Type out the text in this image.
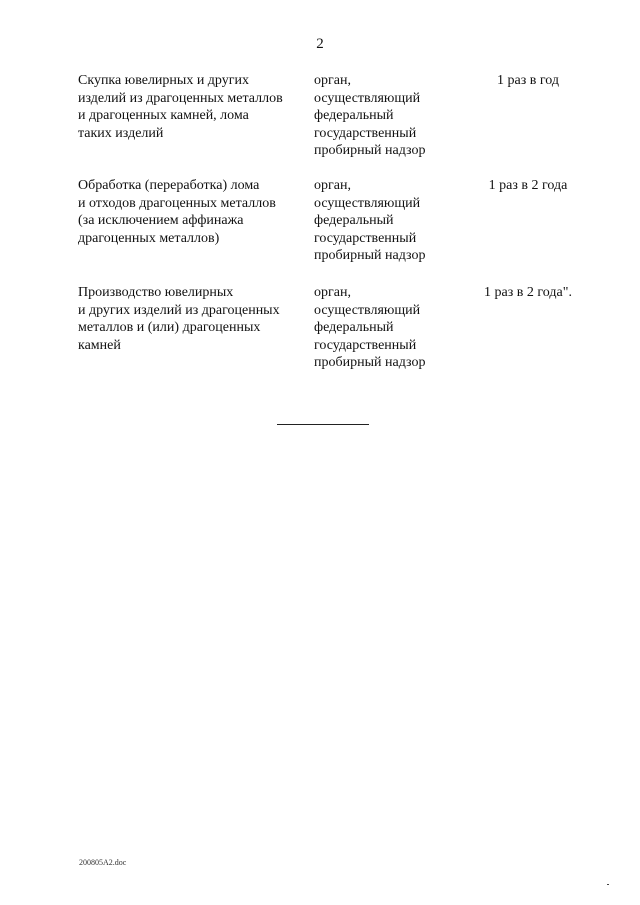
2
Скупка ювелирных и других
изделий из драгоценных металлов
и драгоценных камней, лома
таких изделий
орган,
осуществляющий
федеральный
государственный
пробирный надзор
1 раз в год
Обработка (переработка) лома
и отходов драгоценных металлов
(за исключением аффинажа
драгоценных металлов)
орган,
осуществляющий
федеральный
государственный
пробирный надзор
1 раз в 2 года
Производство ювелирных
и других изделий из драгоценных
металлов и (или) драгоценных
камней
орган,
осуществляющий
федеральный
государственный
пробирный надзор
1 раз в 2 года".
200805A2.doc
